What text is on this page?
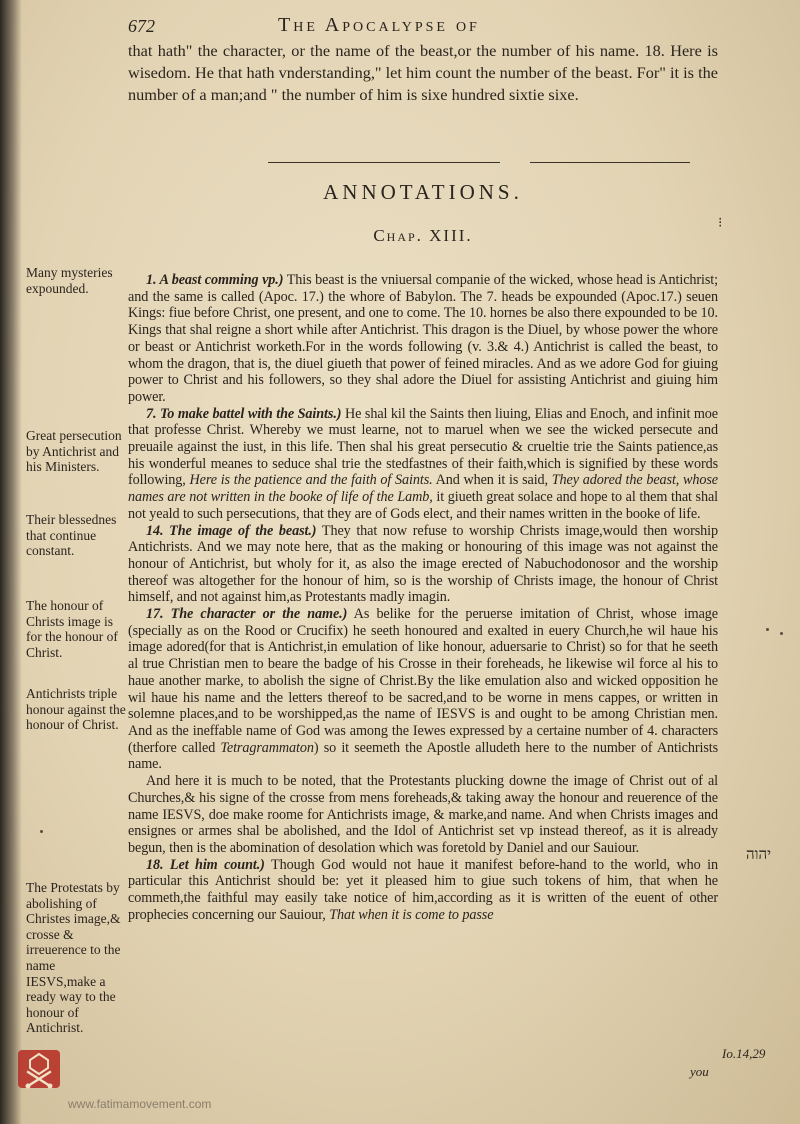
672	The Apocalypse of

that hath" the character, or the name of the beast,or the number of his name. 18. Here is wisedom. He that hath vnderstanding," let him count the number of the beast. For" it is the number of a man;and " the number of him is sixe hundred sixtie sixe.

ANNOTATIONS.
Chap. XIII.
⁝

1. A beast comming vp.) This beast is the vniuersal companie of the wicked, whose head is Antichrist; and the same is called (Apoc. 17.) the whore of Babylon. The 7. heads be expounded (Apoc.17.) seuen Kings: fiue before Christ, one present, and one to come. The 10. hornes be also there expounded to be 10. Kings that shal reigne a short while after Antichrist. This dragon is the Diuel, by whose power the whore or beast or Antichrist worketh.For in the words following (v. 3.& 4.) Antichrist is called the beast, to whom the dragon, that is, the diuel giueth that power of feined miracles. And as we adore God for giuing power to Christ and his followers, so they shal adore the Diuel for assisting Antichrist and giuing him power.

7. To make battel with the Saints.) He shal kil the Saints then liuing, Elias and Enoch, and infinit moe that professe Christ. Whereby we must learne, not to maruel when we see the wicked persecute and preuaile against the iust, in this life. Then shal his great persecutio & crueltie trie the Saints patience,as his wonderful meanes to seduce shal trie the stedfastnes of their faith,which is signified by these words following, Here is the patience and the faith of Saints. And when it is said, They adored the beast, whose names are not written in the booke of life of the Lamb, it giueth great solace and hope to al them that shal not yeald to such persecutions, that they are of Gods elect, and their names written in the booke of life.

14. The image of the beast.) They that now refuse to worship Christs image,would then worship Antichrists. And we may note here, that as the making or honouring of this image was not against the honour of Antichrist, but wholy for it, as also the image erected of Nabuchodonosor and the worship thereof was altogether for the honour of him, so is the worship of Christs image, the honour of Christ himself, and not against him,as Protestants madly imagin.

17. The character or the name.) As belike for the peruerse imitation of Christ, whose image (specially as on the Rood or Crucifix) he seeth honoured and exalted in euery Church,he wil haue his image adored(for that is Antichrist,in emulation of like honour, aduersarie to Christ) so for that he seeth al true Christian men to beare the badge of his Crosse in their foreheads, he likewise wil force al his to haue another marke, to abolish the signe of Christ.By the like emulation also and wicked opposition he wil haue his name and the letters thereof to be sacred,and to be worne in mens cappes, or written in solemne places,and to be worshipped,as the name of IESVS is and ought to be among Christian men. And as the ineffable name of God was among the Iewes expressed by a certaine number of 4. characters (therfore called Tetragrammaton) so it seemeth the Apostle alludeth here to the number of Antichrists name.

And here it is much to be noted, that the Protestants plucking downe the image of Christ out of al Churches,& his signe of the crosse from mens foreheads,& taking away the honour and reuerence of the name IESVS, doe make roome for Antichrists image, & marke,and name. And when Christs images and ensignes or armes shal be abolished, and the Idol of Antichrist set vp instead thereof, as it is already begun, then is the abomination of desolation which was foretold by Daniel and our Sauiour.

18. Let him count.) Though God would not haue it manifest before-hand to the world, who in particular this Antichrist should be: yet it pleased him to giue such tokens of him, that when he commeth,the faithful may easily take notice of him,according as it is written of the euent of other prophecies concerning our Sauiour, That when it is come to passe

Many mysteries expounded.
Great persecution by Antichrist and his Ministers.
Their blessednes that continue constant.
The honour of Christs image is for the honour of Christ.
Antichrists triple honour against the honour of Christ.
The Protestats by abolishing of Christes image,& crosse & irreuerence to the name IESVS,make a ready way to the honour of Antichrist.
יהוה
Io.14,29
you
www.fatimamovement.com
